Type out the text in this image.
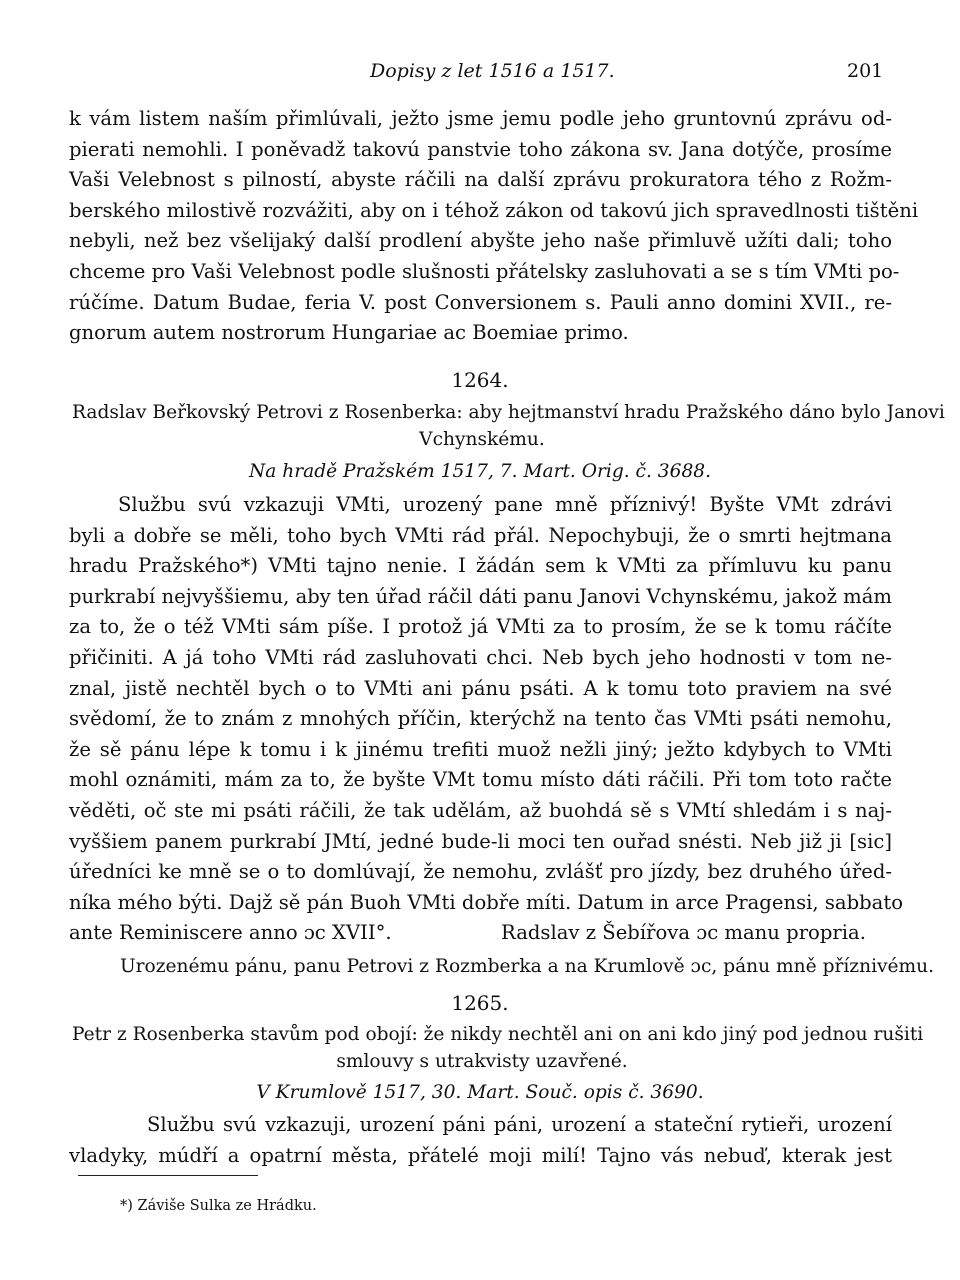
Dopisy z let 1516 a 1517.	201
k vám listem naším přimlúvali, ježto jsme jemu podle jeho gruntovnú zprávu od-
pierati nemohli. I poněvadž takovú panstvie toho zákona sv. Jana dotýče, prosíme
Vaši Velebnost s pilností, abyste ráčili na další zprávu prokuratora tého z Rožm-
berského milostivě rozvážiti, aby on i téhož zákon od takovú jich spravedlnosti tištěni
nebyli, než bez všelijaký další prodlení abyšte jeho naše přimluvě užíti dali; toho
chceme pro Vaši Velebnost podle slušnosti přátelsky zasluhovati a se s tím VMti po-
rúčíme. Datum Budae, feria V. post Conversionem s. Pauli anno domini XVII., re-
gnorum autem nostrorum Hungariae ac Boemiae primo.
1264.
Radslav Beřkovský Petrovi z Rosenberka: aby hejtmanství hradu Pražského dáno bylo Janovi
Vchynskému.
Na hradě Pražském 1517, 7. Mart. Orig. č. 3688.
Službu svú vzkazuji VMti, urozený pane mně příznivý! Byšte VMt zdrávi
byli a dobře se měli, toho bych VMti rád přál. Nepochybuji, že o smrti hejtmana
hradu Pražského*) VMti tajno nenie. I žádán sem k VMti za přímluvu ku panu
purkrabí nejvyššiemu, aby ten úřad ráčil dáti panu Janovi Vchynskému, jakož mám
za to, že o též VMti sám píše. I protož já VMti za to prosím, že se k tomu ráčíte
přičiniti. A já toho VMti rád zasluhovati chci. Neb bych jeho hodnosti v tom ne-
znal, jistě nechtěl bych o to VMti ani pánu psáti. A k tomu toto praviem na své
svědomí, že to znám z mnohých příčin, kterýchž na tento čas VMti psáti nemohu,
že sě pánu lépe k tomu i k jinému trefiti muož nežli jiný; ježto kdybych to VMti
mohl oznámiti, mám za to, že byšte VMt tomu místo dáti ráčili. Při tom toto račte
věděti, oč ste mi psáti ráčili, že tak udělám, až buohdá sě s VMtí shledám i s naj-
vyššiem panem purkrabí JMtí, jedné bude-li moci ten ouřad snésti. Neb již ji [sic]
úředníci ke mně se o to domlúvají, že nemohu, zvlášť pro jízdy, bez druhého úřed-
níka mého býti. Dajž sě pán Buoh VMti dobře míti. Datum in arce Pragensi, sabbato
ante Reminiscere anno ɔc XVII°.	Radslav z Šebířova ɔc manu propria.
Urozenému pánu, panu Petrovi z Rozmberka a na Krumlově ɔc, pánu mně příznivému.
1265.
Petr z Rosenberka stavům pod obojí: že nikdy nechtěl ani on ani kdo jiný pod jednou rušiti
smlouvy s utrakvisty uzavřené.
V Krumlově 1517, 30. Mart. Souč. opis č. 3690.
Službu svú vzkazuji, urození páni páni, urození a stateční rytieři, urození
vladyky, múdří a opatrní města, přátelé moji milí! Tajno vás nebuď, kterak jest
*) Záviše Sulka ze Hrádku.
